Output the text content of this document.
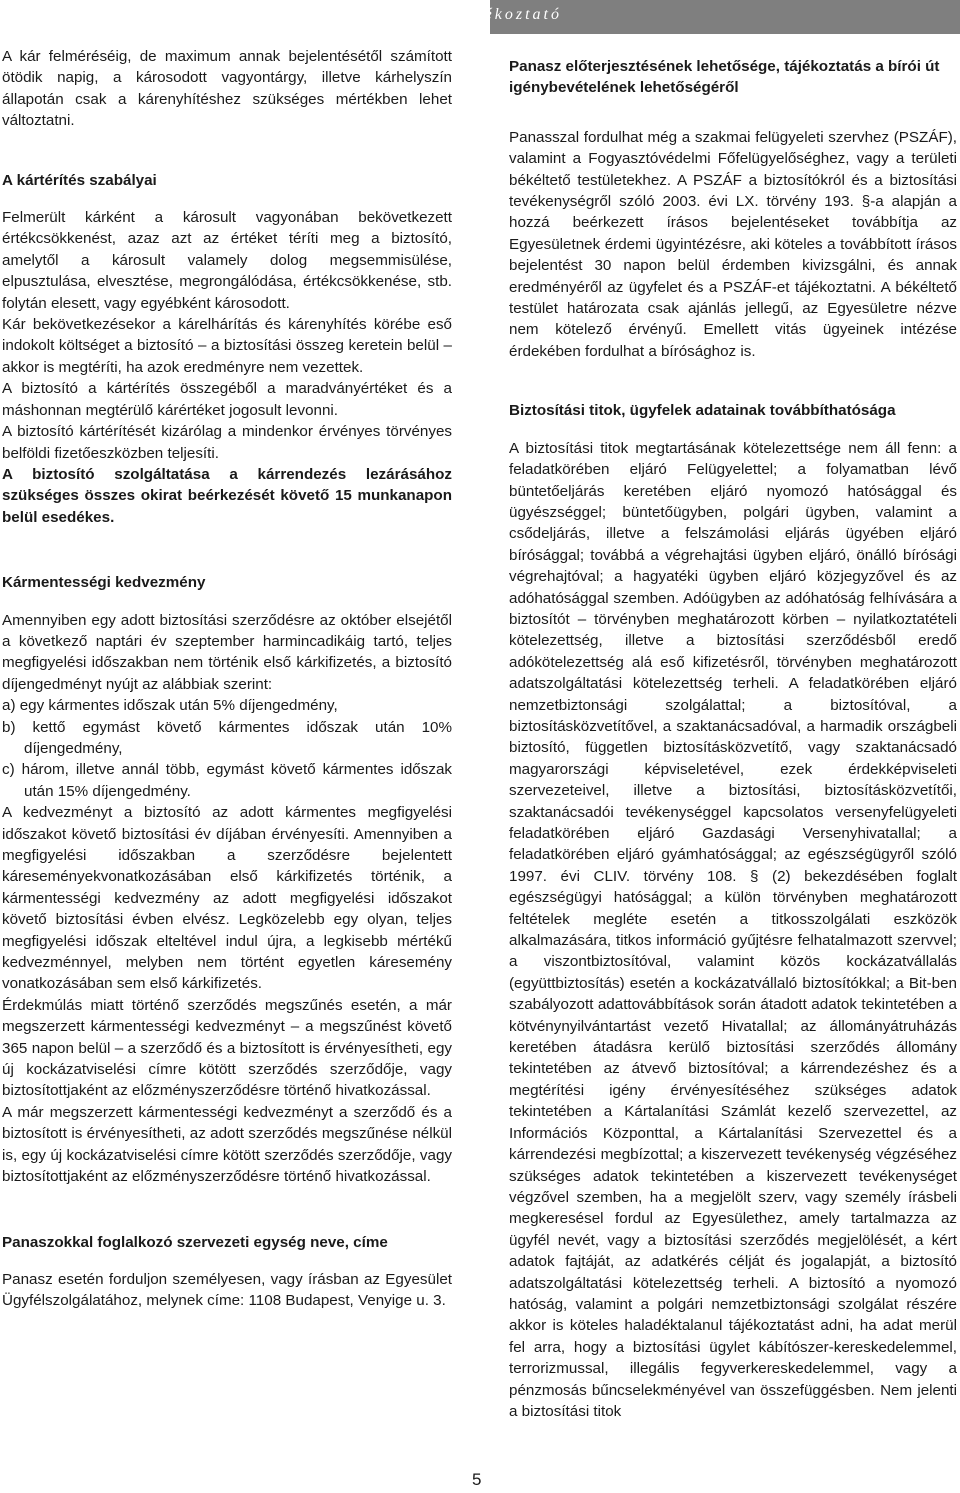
Ügyféltájékoztató

A kár felméréséig, de maximum annak bejelentésétől számított ötödik napig, a károsodott vagyontárgy, illetve kárhelyszín állapotán csak a kárenyhítéshez szükséges mértékben lehet változtatni.

A kártérítés szabályai

Felmerült kárként a károsult vagyonában bekövetkezett értékcsökkenést, azaz azt az értéket téríti meg a biztosító, amelytől a károsult valamely dolog megsemmisülése, elpusztulása, elvesztése, megrongálódása, értékcsökkenése, stb. folytán elesett, vagy egyébként károsodott.

Kár bekövetkezésekor a kárelhárítás és kárenyhítés körébe eső indokolt költséget a biztosító – a biztosítási összeg keretein belül – akkor is megtéríti, ha azok eredményre nem vezettek.

A biztosító a kártérítés összegéből a maradványértéket és a máshonnan megtérülő kárértéket jogosult levonni.

A biztosító kártérítését kizárólag a mindenkor érvényes törvényes belföldi fizetőeszközben teljesíti.

A biztosító szolgáltatása a kárrendezés lezárásához szükséges összes okirat beérkezését követő 15 munkanapon belül esedékes.

Kármentességi kedvezmény

Amennyiben egy adott biztosítási szerződésre az október elsejétől a következő naptári év szeptember harmincadikáig tartó, teljes megfigyelési időszakban nem történik első kárkifizetés, a biztosító díjengedményt nyújt az alábbiak szerint:

a) egy kármentes időszak után 5% díjengedmény,

b) kettő egymást követő kármentes időszak után 10% díjengedmény,

c) három, illetve annál több, egymást követő kármentes időszak után 15% díjengedmény.

A kedvezményt a biztosító az adott kármentes megfigyelési időszakot követő biztosítási év díjában érvényesíti. Amennyiben a megfigyelési időszakban a szerződésre bejelentett káreseményekvonatkozásában első kárkifizetés történik, a kármentességi kedvezmény az adott megfigyelési időszakot követő biztosítási évben elvész. Legközelebb egy olyan, teljes megfigyelési időszak elteltével indul újra, a legkisebb mértékű kedvezménnyel, melyben nem történt egyetlen káresemény vonatkozásában sem első kárkifizetés.

Érdekmúlás miatt történő szerződés megszűnés esetén, a már megszerzett kármentességi kedvezményt – a megszűnést követő 365 napon belül – a szerződő és a biztosított is érvényesítheti, egy új kockázatviselési címre kötött szerződés szerződője, vagy biztosítottjaként az előzményszerződésre történő hivatkozással.

A már megszerzett kármentességi kedvezményt a szerződő és a biztosított is érvényesítheti, az adott szerződés megszűnése nélkül is, egy új kockázatviselési címre kötött szerződés szerződője, vagy biztosítottjaként az előzményszerződésre történő hivatkozással.

Panaszokkal foglalkozó szervezeti egység neve, címe

Panasz esetén forduljon személyesen, vagy írásban az Egyesület Ügyfélszolgálatához, melynek címe: 1108 Budapest, Venyige u. 3.

Panasz előterjesztésének lehetősége, tájékoztatás a bírói út igénybevételének lehetőségéről

Panasszal fordulhat még a szakmai felügyeleti szervhez (PSZÁF), valamint a Fogyasztóvédelmi Főfelügyelőséghez, vagy a területi békéltető testületekhez. A PSZÁF a biztosítókról és a biztosítási tevékenységről szóló 2003. évi LX. törvény 193. §-a alapján a hozzá beérkezett írásos bejelentéseket továbbítja az Egyesületnek érdemi ügyintézésre, aki köteles a továbbított írásos bejelentést 30 napon belül érdemben kivizsgálni, és annak eredményéről az ügyfelet és a PSZÁF-et tájékoztatni. A békéltető testület határozata csak ajánlás jellegű, az Egyesületre nézve nem kötelező érvényű. Emellett vitás ügyeinek intézése érdekében fordulhat a bírósághoz is.

Biztosítási titok, ügyfelek adatainak továbbíthatósága

A biztosítási titok megtartásának kötelezettsége nem áll fenn: a feladatkörében eljáró Felügyelettel; a folyamatban lévő büntetőeljárás keretében eljáró nyomozó hatósággal és ügyészséggel; büntetőügyben, polgári ügyben, valamint a csődeljárás, illetve a felszámolási eljárás ügyében eljáró bírósággal; továbbá a végrehajtási ügyben eljáró, önálló bírósági végrehajtóval; a hagyatéki ügyben eljáró közjegyzővel és az adóhatósággal szemben. Adóügyben az adóhatóság felhívására a biztosítót – törvényben meghatározott körben – nyilatkoztatételi kötelezettség, illetve a biztosítási szerződésből eredő adókötelezettség alá eső kifizetésről, törvényben meghatározott adatszolgáltatási kötelezettség terheli. A feladatkörében eljáró nemzetbiztonsági szolgálattal; a biztosítóval, a biztosításközvetítővel, a szaktanácsadóval, a harmadik országbeli biztosító, független biztosításközvetítő, vagy szaktanácsadó magyarországi képviseletével, ezek érdekképviseleti szervezeteivel, illetve a biztosítási, biztosításközvetítői, szaktanácsadói tevékenységgel kapcsolatos versenyfelügyeleti feladatkörében eljáró Gazdasági Versenyhivatallal; a feladatkörében eljáró gyámhatósággal; az egészségügyről szóló 1997. évi CLIV. törvény 108. § (2) bekezdésében foglalt egészségügyi hatósággal; a külön törvényben meghatározott feltételek megléte esetén a titkosszolgálati eszközök alkalmazására, titkos információ gyűjtésre felhatalmazott szervvel; a viszontbiztosítóval, valamint közös kockázatvállalás (együttbiztosítás) esetén a kockázatvállaló biztosítókkal; a Bit-ben szabályozott adattovábbítások során átadott adatok tekintetében a kötvénynyilvántartást vezető Hivatallal; az állományátruházás keretében átadásra kerülő biztosítási szerződés állomány tekintetében az átvevő biztosítóval; a kárrendezéshez és a megtérítési igény érvényesítéséhez szükséges adatok tekintetében a Kártalanítási Számlát kezelő szervezettel, az Információs Központtal, a Kártalanítási Szervezettel és a kárrendezési megbízottal; a kiszervezett tevékenység végzéséhez szükséges adatok tekintetében a kiszervezett tevékenységet végzővel szemben, ha a megjelölt szerv, vagy személy írásbeli megkeresésel fordul az Egyesülethez, amely tartalmazza az ügyfél nevét, vagy a biztosítási szerződés megjelölését, a kért adatok fajtáját, az adatkérés célját és jogalapját, a biztosító adatszolgáltatási kötelezettség terheli. A biztosító a nyomozó hatóság, valamint a polgári nemzetbiztonsági szolgálat részére akkor is köteles haladéktalanul tájékoztatást adni, ha adat merül fel arra, hogy a biztosítási ügylet kábítószer-kereskedelemmel, terrorizmussal, illegális fegyverkereskedelemmel, vagy a pénzmosás bűncselekményével van összefüggésben. Nem jelenti a biztosítási titok

5
